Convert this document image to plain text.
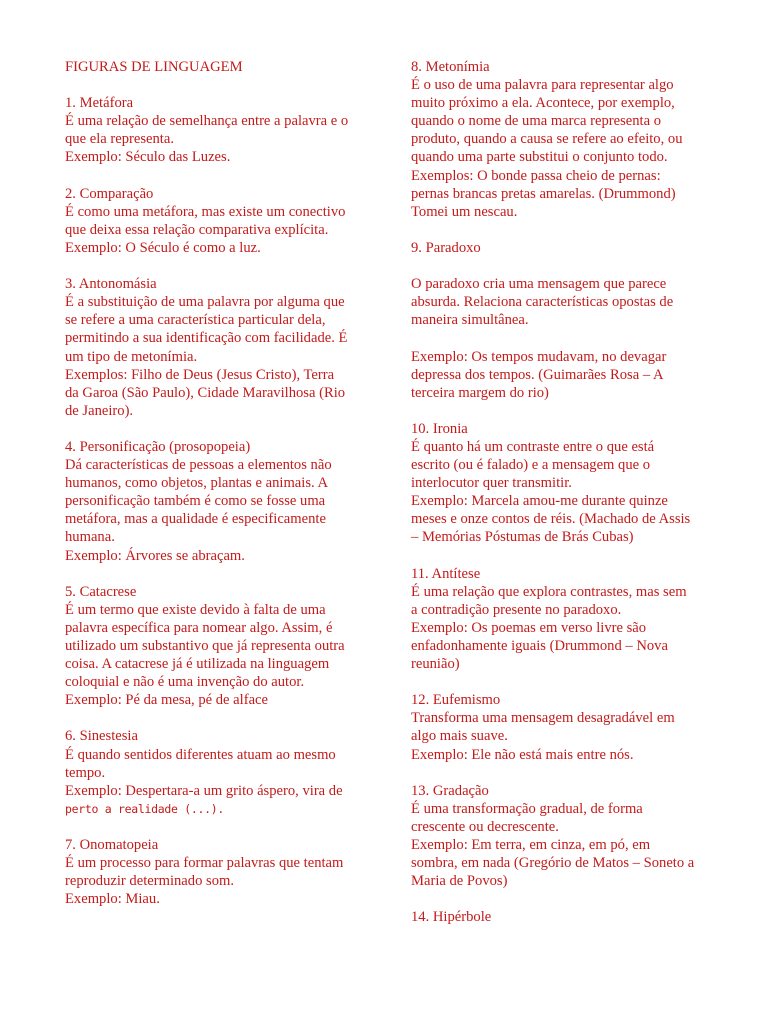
FIGURAS DE LINGUAGEM
1. Metáfora
É uma relação de semelhança entre a palavra e o
que ela representa.
Exemplo: Século das Luzes.
2. Comparação
É como uma metáfora, mas existe um conectivo
que deixa essa relação comparativa explícita.
Exemplo: O Século é como a luz.
3. Antonomásia
É a substituição de uma palavra por alguma que
se refere a uma característica particular dela,
permitindo a sua identificação com facilidade. É
um tipo de metonímia.
Exemplos: Filho de Deus (Jesus Cristo), Terra
da Garoa (São Paulo), Cidade Maravilhosa (Rio
de Janeiro).
4. Personificação (prosopopeia)
Dá características de pessoas a elementos não
humanos, como objetos, plantas e animais. A
personificação também é como se fosse uma
metáfora, mas a qualidade é especificamente
humana.
Exemplo: Árvores se abraçam.
5. Catacrese
É um termo que existe devido à falta de uma
palavra específica para nomear algo. Assim, é
utilizado um substantivo que já representa outra
coisa. A catacrese já é utilizada na linguagem
coloquial e não é uma invenção do autor.
Exemplo: Pé da mesa, pé de alface
6. Sinestesia
É quando sentidos diferentes atuam ao mesmo
tempo.
Exemplo: Despertara-a um grito áspero, vira de
perto a realidade (...).
7. Onomatopeia
É um processo para formar palavras que tentam
reproduzir determinado som.
Exemplo: Miau.
8. Metonímia
É o uso de uma palavra para representar algo
muito próximo a ela. Acontece, por exemplo,
quando o nome de uma marca representa o
produto, quando a causa se refere ao efeito, ou
quando uma parte substitui o conjunto todo.
Exemplos: O bonde passa cheio de pernas:
pernas brancas pretas amarelas. (Drummond)
Tomei um nescau.
9. Paradoxo
O paradoxo cria uma mensagem que parece
absurda. Relaciona características opostas de
maneira simultânea.
Exemplo: Os tempos mudavam, no devagar
depressa dos tempos. (Guimarães Rosa – A
terceira margem do rio)
10. Ironia
É quanto há um contraste entre o que está
escrito (ou é falado) e a mensagem que o
interlocutor quer transmitir.
Exemplo: Marcela amou-me durante quinze
meses e onze contos de réis. (Machado de Assis
– Memórias Póstumas de Brás Cubas)
11. Antítese
É uma relação que explora contrastes, mas sem
a contradição presente no paradoxo.
Exemplo: Os poemas em verso livre são
enfadonhamente iguais (Drummond – Nova
reunião)
12. Eufemismo
Transforma uma mensagem desagradável em
algo mais suave.
Exemplo: Ele não está mais entre nós.
13. Gradação
É uma transformação gradual, de forma
crescente ou decrescente.
Exemplo: Em terra, em cinza, em pó, em
sombra, em nada (Gregório de Matos – Soneto a
Maria de Povos)
14. Hipérbole
